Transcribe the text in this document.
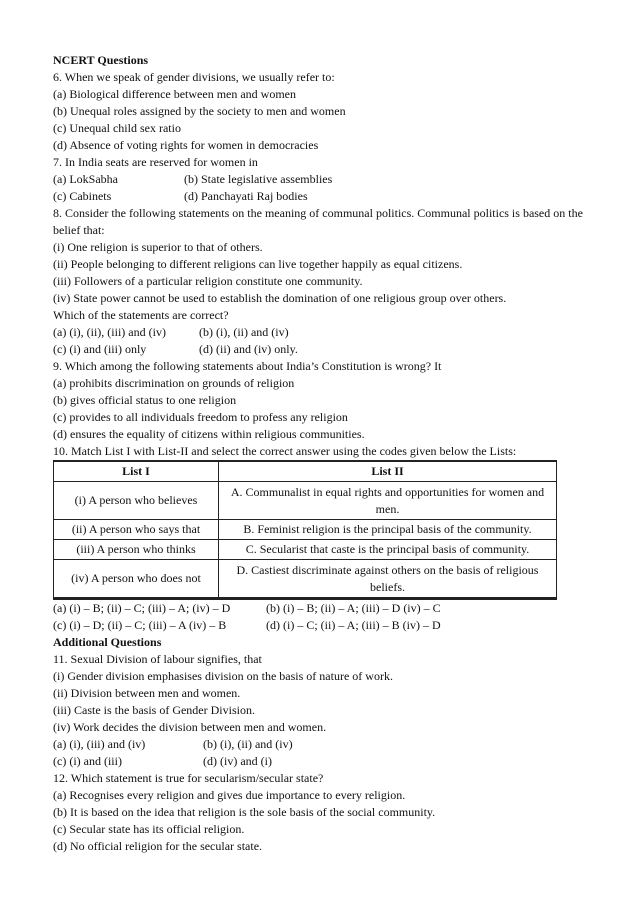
NCERT Questions
6. When we speak of gender divisions, we usually refer to:
(a) Biological difference between men and women
(b) Unequal roles assigned by the society to men and women
(c) Unequal child sex ratio
(d) Absence of voting rights for women in democracies
7. In India seats are reserved for women in
(a) LokSabha	(b) State legislative assemblies
(c) Cabinets	(d) Panchayati Raj bodies
8. Consider the following statements on the meaning of communal politics. Communal politics is based on the belief that:
(i) One religion is superior to that of others.
(ii) People belonging to different religions can live together happily as equal citizens.
(iii) Followers of a particular religion constitute one community.
(iv) State power cannot be used to establish the domination of one religious group over others.
Which of the statements are correct?
(a) (i), (ii), (iii) and (iv)	(b) (i), (ii) and (iv)
(c) (i) and (iii) only	(d) (ii) and (iv) only.
9. Which among the following statements about India’s Constitution is wrong? It
(a) prohibits discrimination on grounds of religion
(b) gives official status to one religion
(c) provides to all individuals freedom to profess any religion
(d) ensures the equality of citizens within religious communities.
10. Match List I with List-II and select the correct answer using the codes given below the Lists:
List I	List II
(i) A person who believes	A. Communalist in equal rights and opportunities for women and men.
(ii) A person who says that	B. Feminist religion is the principal basis of the community.
(iii) A person who thinks	C. Secularist that caste is the principal basis of community.
(iv) A person who does not	D. Castiest discriminate against others on the basis of religious beliefs.
(a) (i) – B; (ii) – C; (iii) – A; (iv) – D	(b) (i) – B; (ii) – A; (iii) – D (iv) – C
(c) (i) – D; (ii) – C; (iii) – A (iv) – B	(d) (i) – C; (ii) – A; (iii) – B (iv) – D
Additional Questions
11. Sexual Division of labour signifies, that
(i) Gender division emphasises division on the basis of nature of work.
(ii) Division between men and women.
(iii) Caste is the basis of Gender Division.
(iv) Work decides the division between men and women.
(a) (i), (iii) and (iv)	(b) (i), (ii) and (iv)
(c) (i) and (iii)	(d) (iv) and (i)
12. Which statement is true for secularism/secular state?
(a) Recognises every religion and gives due importance to every religion.
(b) It is based on the idea that religion is the sole basis of the social community.
(c) Secular state has its official religion.
(d) No official religion for the secular state.
